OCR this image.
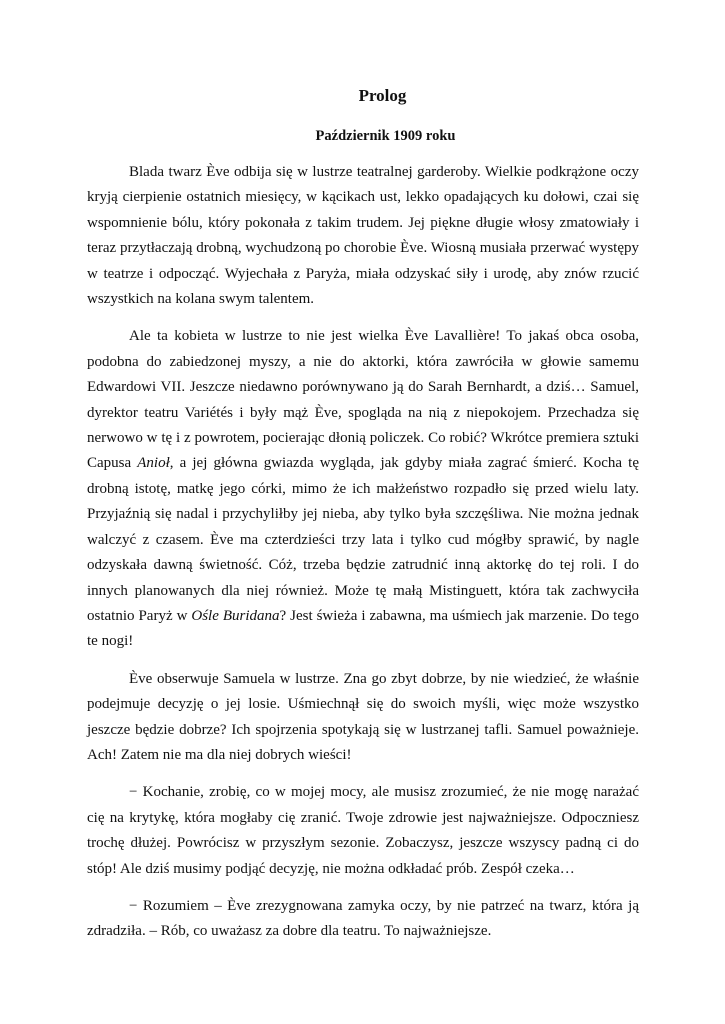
Prolog
Październik 1909 roku

Blada twarz Ève odbija się w lustrze teatralnej garderoby. Wielkie podkrążone oczy kryją cierpienie ostatnich miesięcy, w kącikach ust, lekko opadających ku dołowi, czai się wspomnienie bólu, który pokonała z takim trudem. Jej piękne długie włosy zmatowiały i teraz przytłaczają drobną, wychudzoną po chorobie Ève. Wiosną musiała przerwać występy w teatrze i odpocząć. Wyjechała z Paryża, miała odzyskać siły i urodę, aby znów rzucić wszystkich na kolana swym talentem.

Ale ta kobieta w lustrze to nie jest wielka Ève Lavallière! To jakaś obca osoba, podobna do zabiedzonej myszy, a nie do aktorki, która zawróciła w głowie samemu Edwardowi VII. Jeszcze niedawno porównywano ją do Sarah Bernhardt, a dziś… Samuel, dyrektor teatru Variétés i były mąż Ève, spogląda na nią z niepokojem. Przechadza się nerwowo w tę i z powrotem, pocierając dłonią policzek. Co robić? Wkrótce premiera sztuki Capusa Anioł, a jej główna gwiazda wygląda, jak gdyby miała zagrać śmierć. Kocha tę drobną istotę, matkę jego córki, mimo że ich małżeństwo rozpadło się przed wielu laty. Przyjaźnią się nadal i przychyliłby jej nieba, aby tylko była szczęśliwa. Nie można jednak walczyć z czasem. Ève ma czterdzieści trzy lata i tylko cud mógłby sprawić, by nagle odzyskała dawną świetność. Cóż, trzeba będzie zatrudnić inną aktorkę do tej roli. I do innych planowanych dla niej również. Może tę małą Mistinguett, która tak zachwyciła ostatnio Paryż w Ośle Buridana? Jest świeża i zabawna, ma uśmiech jak marzenie. Do tego te nogi!

Ève obserwuje Samuela w lustrze. Zna go zbyt dobrze, by nie wiedzieć, że właśnie podejmuje decyzję o jej losie. Uśmiechnął się do swoich myśli, więc może wszystko jeszcze będzie dobrze? Ich spojrzenia spotykają się w lustrzanej tafli. Samuel poważnieje. Ach! Zatem nie ma dla niej dobrych wieści!

− Kochanie, zrobię, co w mojej mocy, ale musisz zrozumieć, że nie mogę narażać cię na krytykę, która mogłaby cię zranić. Twoje zdrowie jest najważniejsze. Odpoczniesz trochę dłużej. Powrócisz w przyszłym sezonie. Zobaczysz, jeszcze wszyscy padną ci do stóp! Ale dziś musimy podjąć decyzję, nie można odkładać prób. Zespół czeka…

− Rozumiem – Ève zrezygnowana zamyka oczy, by nie patrzeć na twarz, która ją zdradziła. – Rób, co uważasz za dobre dla teatru. To najważniejsze.
